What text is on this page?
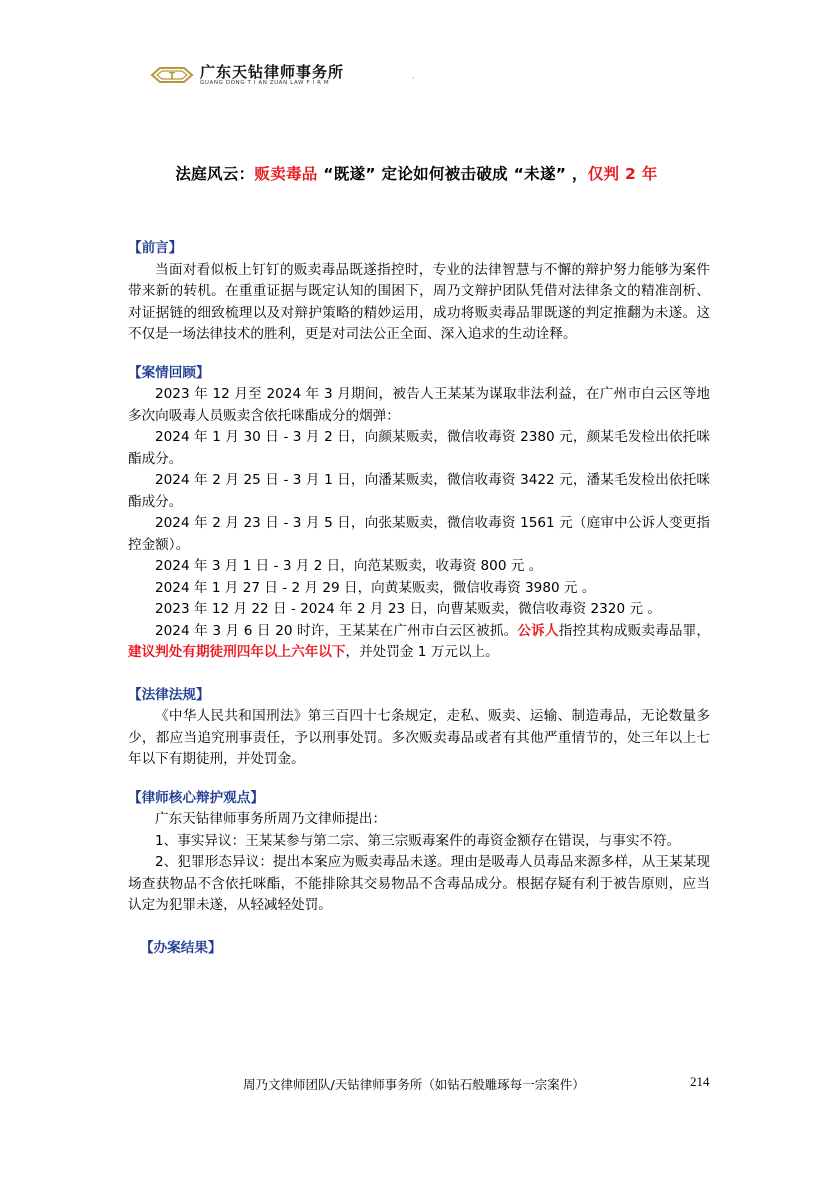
T 广东天钻律师事务所
GUANG DONG T I AN ZUAN LAW F I R M	·
法庭风云：贩卖毒品 “既遂” 定论如何被击破成 “未遂” ，仅判 2 年

【前言】

当面对看似板上钉钉的贩卖毒品既遂指控时，专业的法律智慧与不懈的辩护努力能够为案件带来新的转机。在重重证据与既定认知的围困下，周乃文辩护团队凭借对法律条文的精准剖析、对证据链的细致梳理以及对辩护策略的精妙运用，成功将贩卖毒品罪既遂的判定推翻为未遂。这不仅是一场法律技术的胜利，更是对司法公正全面、深入追求的生动诠释。

【案情回顾】

2023 年 12 月至 2024 年 3 月期间，被告人王某某为谋取非法利益，在广州市白云区等地多次向吸毒人员贩卖含依托咪酯成分的烟弹：

2024 年 1 月 30 日 - 3 月 2 日，向颜某贩卖，微信收毒资 2380 元，颜某毛发检出依托咪酯成分。

2024 年 2 月 25 日 - 3 月 1 日，向潘某贩卖，微信收毒资 3422 元，潘某毛发检出依托咪酯成分。

2024 年 2 月 23 日 - 3 月 5 日，向张某贩卖，微信收毒资 1561 元（庭审中公诉人变更指控金额）。

2024 年 3 月 1 日 - 3 月 2 日，向范某贩卖，收毒资 800 元 。

2024 年 1 月 27 日 - 2 月 29 日，向黄某贩卖，微信收毒资 3980 元 。

2023 年 12 月 22 日 - 2024 年 2 月 23 日，向曹某贩卖，微信收毒资 2320 元 。

2024 年 3 月 6 日 20 时许，王某某在广州市白云区被抓。公诉人指控其构成贩卖毒品罪，建议判处有期徒刑四年以上六年以下，并处罚金 1 万元以上。

【法律法规】

《中华人民共和国刑法》第三百四十七条规定，走私、贩卖、运输、制造毒品，无论数量多少，都应当追究刑事责任，予以刑事处罚。多次贩卖毒品或者有其他严重情节的，处三年以上七年以下有期徒刑，并处罚金。

【律师核心辩护观点】

广东天钻律师事务所周乃文律师提出：

1、事实异议：王某某参与第二宗、第三宗贩毒案件的毒资金额存在错误，与事实不符。

2、犯罪形态异议：提出本案应为贩卖毒品未遂。理由是吸毒人员毒品来源多样，从王某某现场查获物品不含依托咪酯，不能排除其交易物品不含毒品成分。根据存疑有利于被告原则，应当认定为犯罪未遂，从轻减轻处罚。

【办案结果】

周乃文律师团队/天钻律师事务所（如钻石般雕琢每一宗案件）	214
